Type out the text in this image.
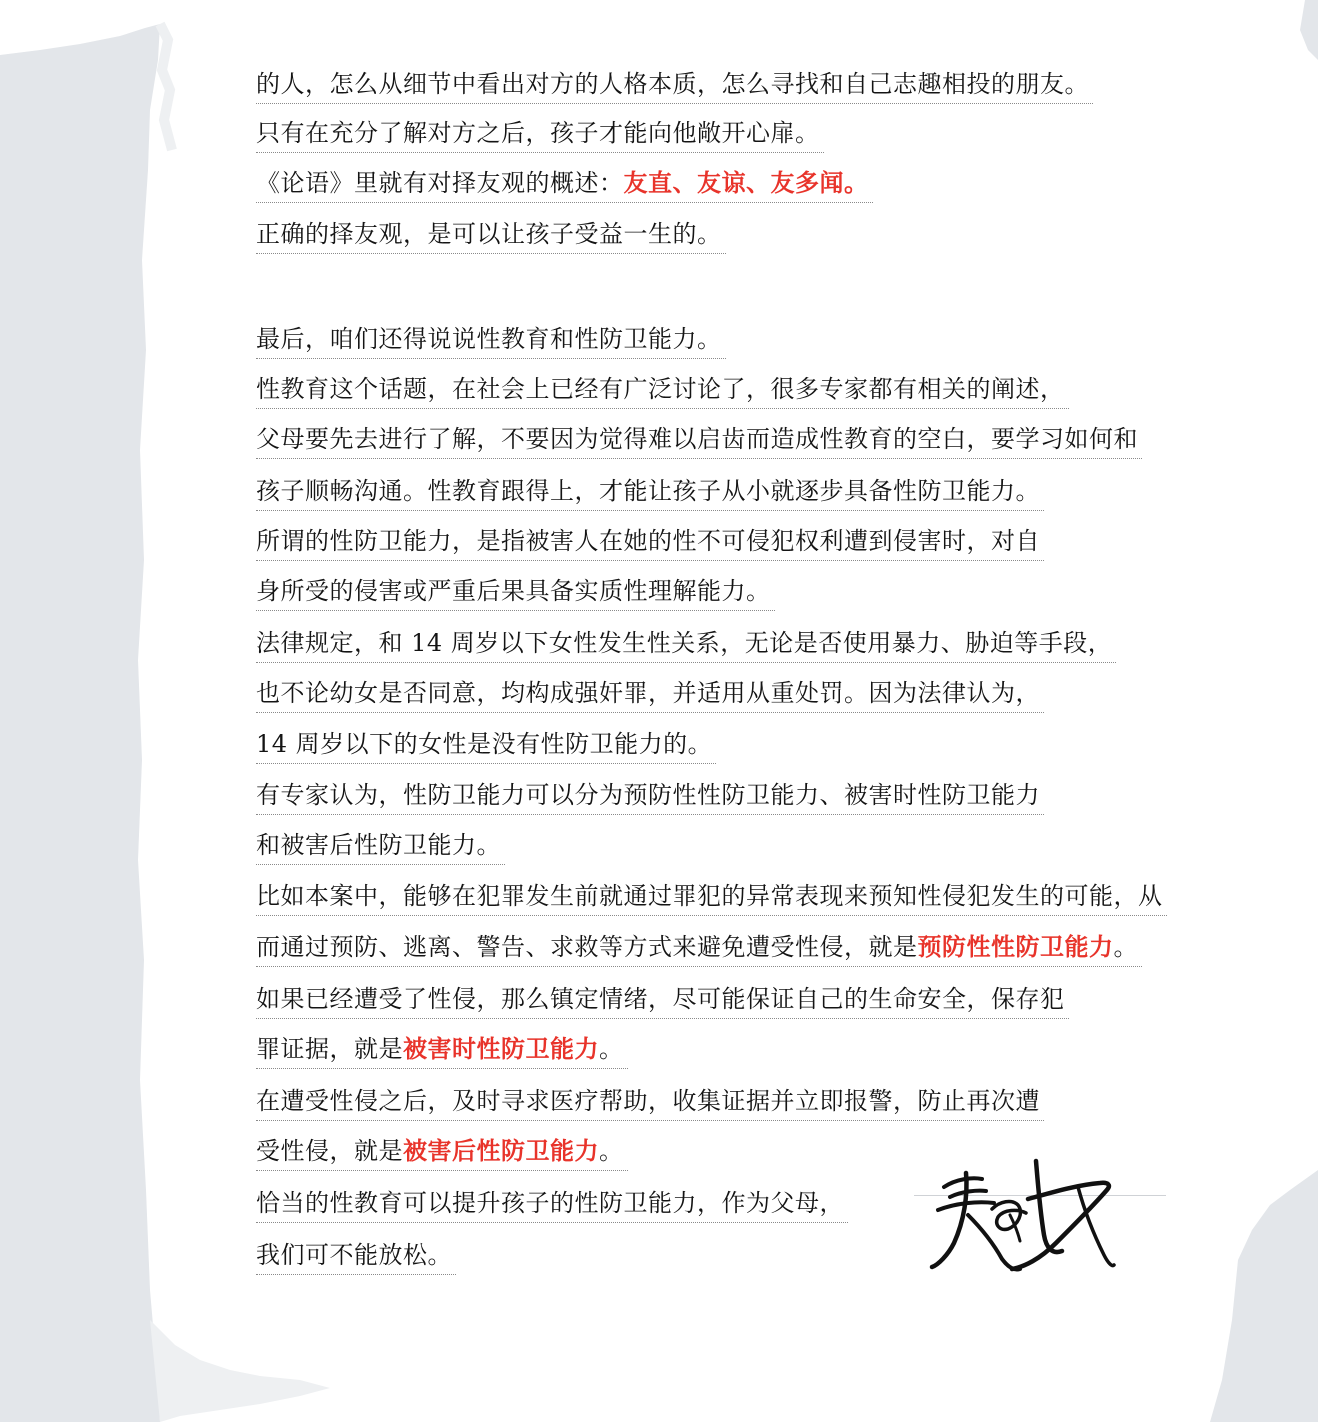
的人，怎么从细节中看出对方的人格本质，怎么寻找和自己志趣相投的朋友。
只有在充分了解对方之后，孩子才能向他敞开心扉。
《论语》里就有对择友观的概述：友直、友谅、友多闻。
正确的择友观，是可以让孩子受益一生的。
最后，咱们还得说说性教育和性防卫能力。
性教育这个话题，在社会上已经有广泛讨论了，很多专家都有相关的阐述，
父母要先去进行了解，不要因为觉得难以启齿而造成性教育的空白，要学习如何和
孩子顺畅沟通。性教育跟得上，才能让孩子从小就逐步具备性防卫能力。
所谓的性防卫能力，是指被害人在她的性不可侵犯权利遭到侵害时，对自
身所受的侵害或严重后果具备实质性理解能力。
法律规定，和 14 周岁以下女性发生性关系，无论是否使用暴力、胁迫等手段，
也不论幼女是否同意，均构成强奸罪，并适用从重处罚。因为法律认为，
14 周岁以下的女性是没有性防卫能力的。
有专家认为，性防卫能力可以分为预防性性防卫能力、被害时性防卫能力
和被害后性防卫能力。
比如本案中，能够在犯罪发生前就通过罪犯的异常表现来预知性侵犯发生的可能，从
而通过预防、逃离、警告、求救等方式来避免遭受性侵，就是预防性性防卫能力。
如果已经遭受了性侵，那么镇定情绪，尽可能保证自己的生命安全，保存犯
罪证据，就是被害时性防卫能力。
在遭受性侵之后，及时寻求医疗帮助，收集证据并立即报警，防止再次遭
受性侵，就是被害后性防卫能力。
恰当的性教育可以提升孩子的性防卫能力，作为父母，
我们可不能放松。
